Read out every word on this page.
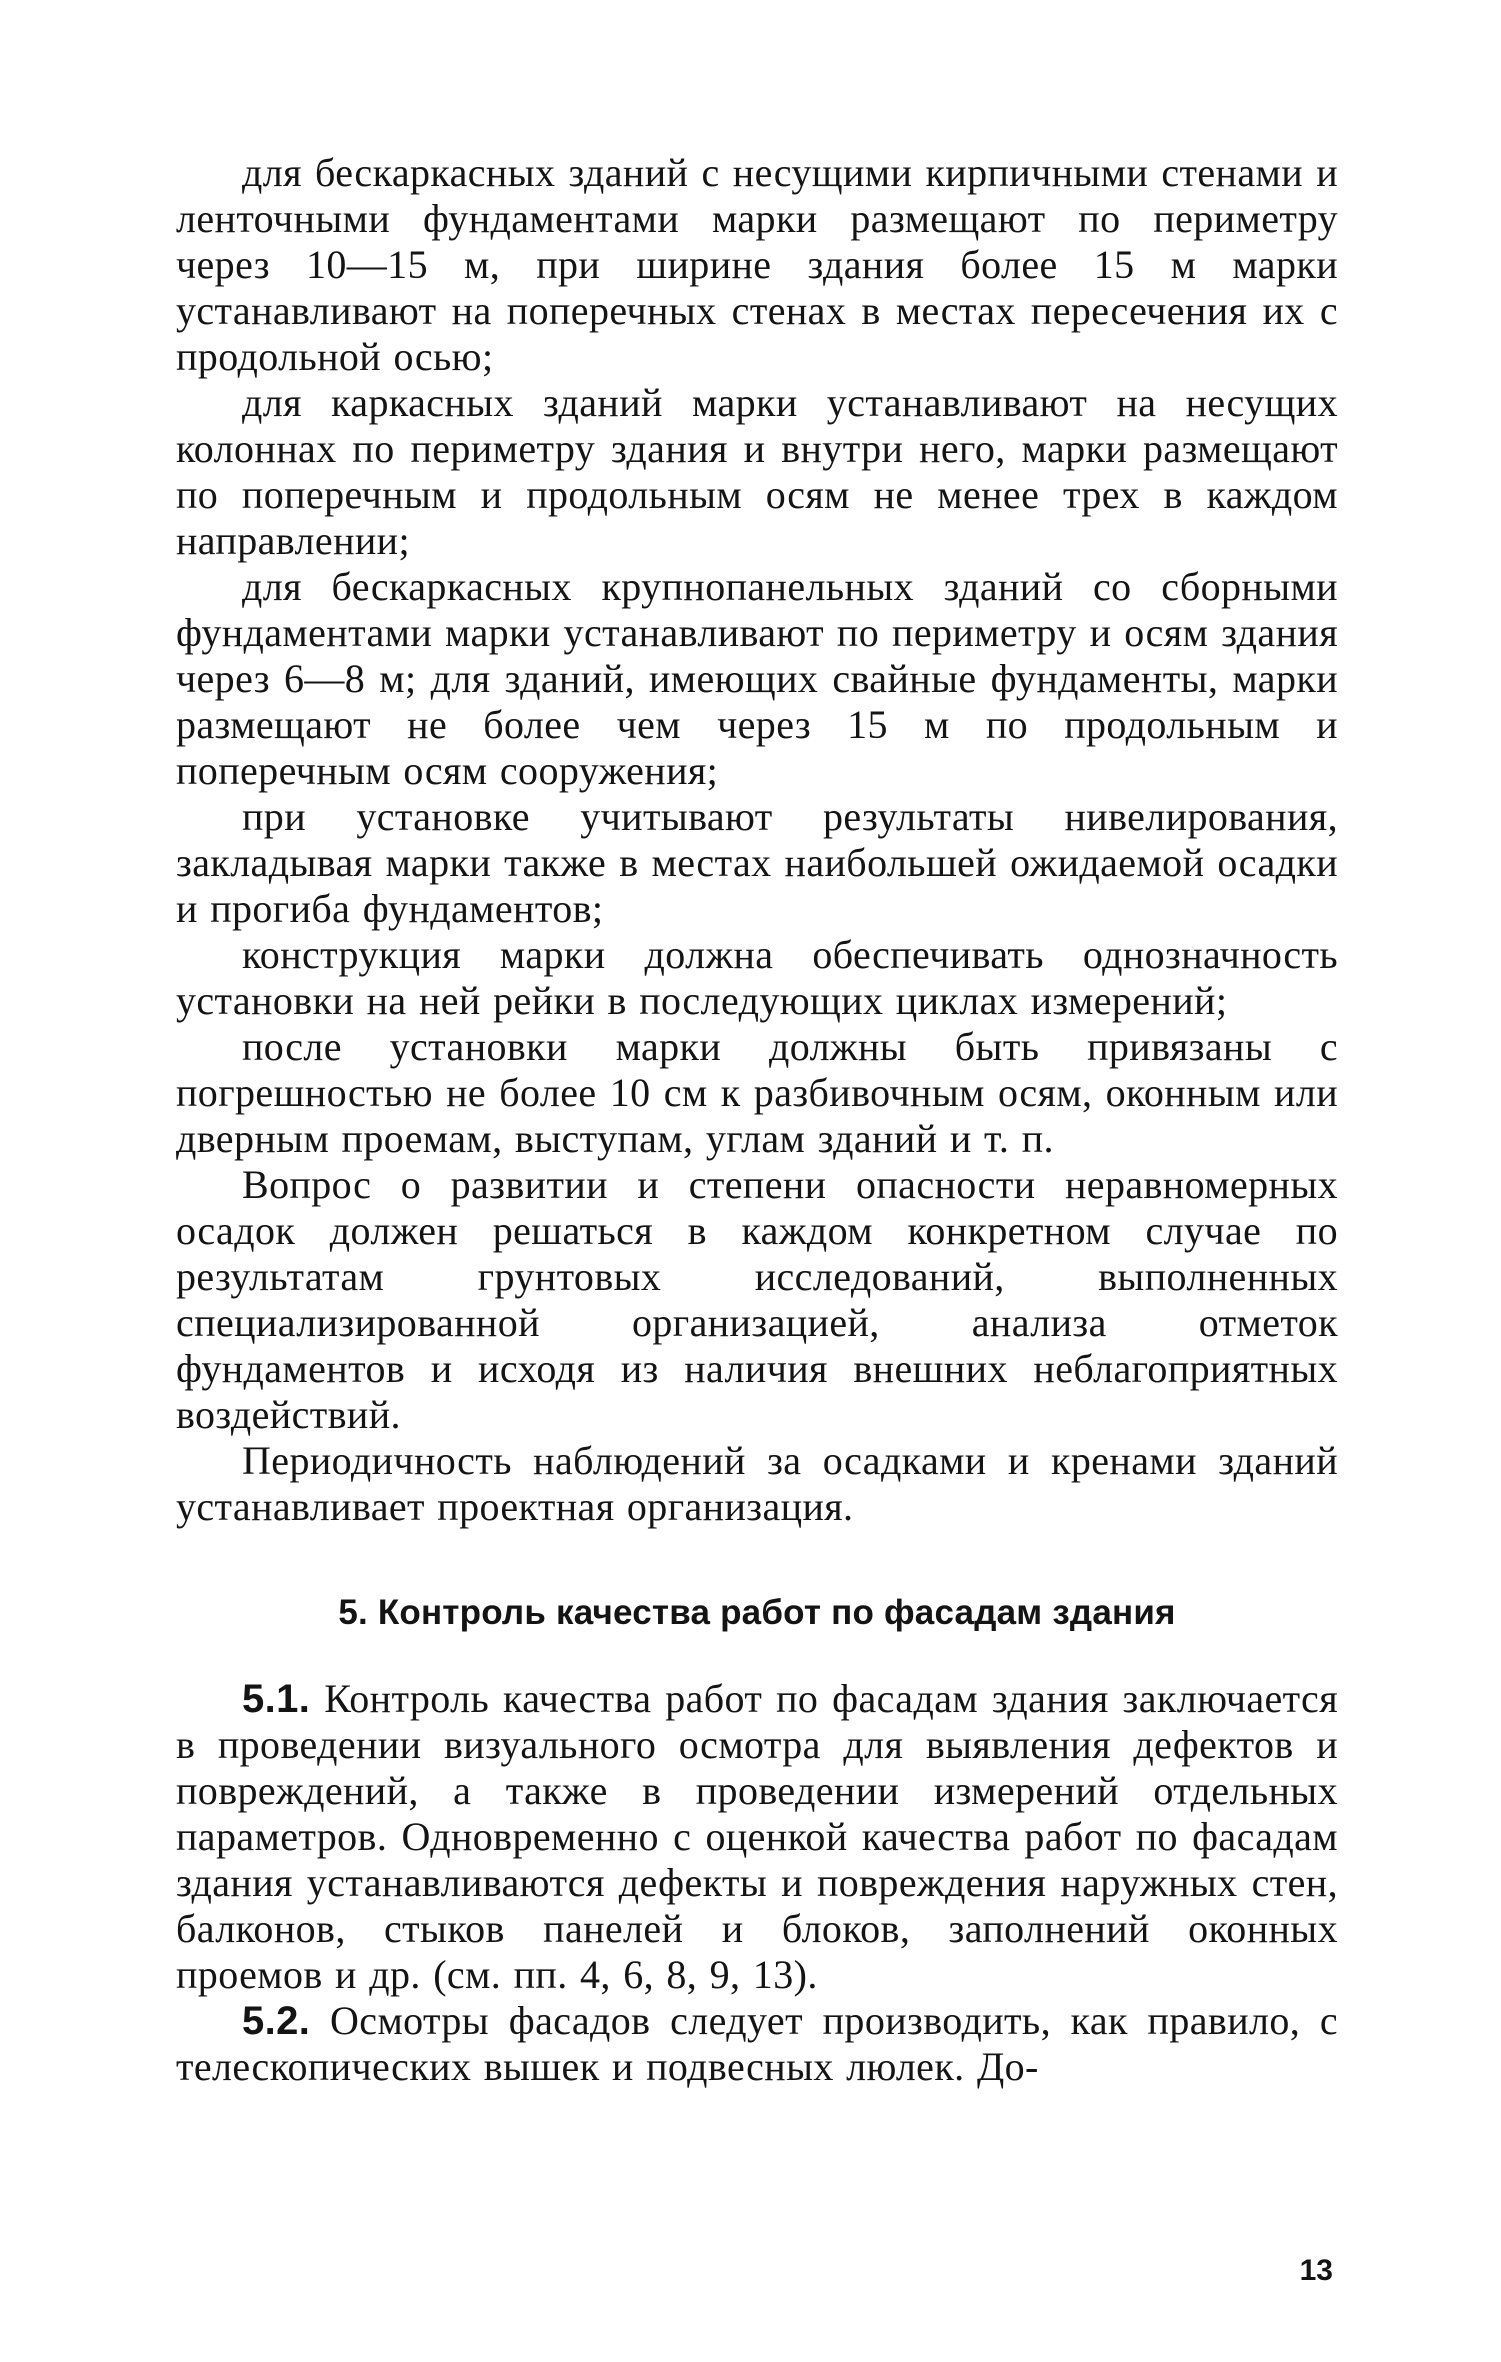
для бескаркасных зданий с несущими кирпичными стенами и ленточными фундаментами марки размещают по периметру через 10—15 м, при ширине здания более 15 м марки устанавливают на поперечных стенах в местах пересечения их с продольной осью;

для каркасных зданий марки устанавливают на несущих колоннах по периметру здания и внутри него, марки размещают по поперечным и продольным осям не менее трех в каждом направлении;

для бескаркасных крупнопанельных зданий со сборными фундаментами марки устанавливают по периметру и осям здания через 6—8 м; для зданий, имеющих свайные фундаменты, марки размещают не более чем через 15 м по продольным и поперечным осям сооружения;

при установке учитывают результаты нивелирования, закладывая марки также в местах наибольшей ожидаемой осадки и прогиба фундаментов;

конструкция марки должна обеспечивать однозначность установки на ней рейки в последующих циклах измерений;

после установки марки должны быть привязаны с погрешностью не более 10 см к разбивочным осям, оконным или дверным проемам, выступам, углам зданий и т. п.

Вопрос о развитии и степени опасности неравномерных осадок должен решаться в каждом конкретном случае по результатам грунтовых исследований, выполненных специализированной организацией, анализа отметок фундаментов и исходя из наличия внешних неблагоприятных воздействий.

Периодичность наблюдений за осадками и кренами зданий устанавливает проектная организация.

5. Контроль качества работ по фасадам здания

5.1. Контроль качества работ по фасадам здания заключается в проведении визуального осмотра для выявления дефектов и повреждений, а также в проведении измерений отдельных параметров. Одновременно с оценкой качества работ по фасадам здания устанавливаются дефекты и повреждения наружных стен, балконов, стыков панелей и блоков, заполнений оконных проемов и др. (см. пп. 4, 6, 8, 9, 13).

5.2. Осмотры фасадов следует производить, как правило, с телескопических вышек и подвесных люлек. До-

13
